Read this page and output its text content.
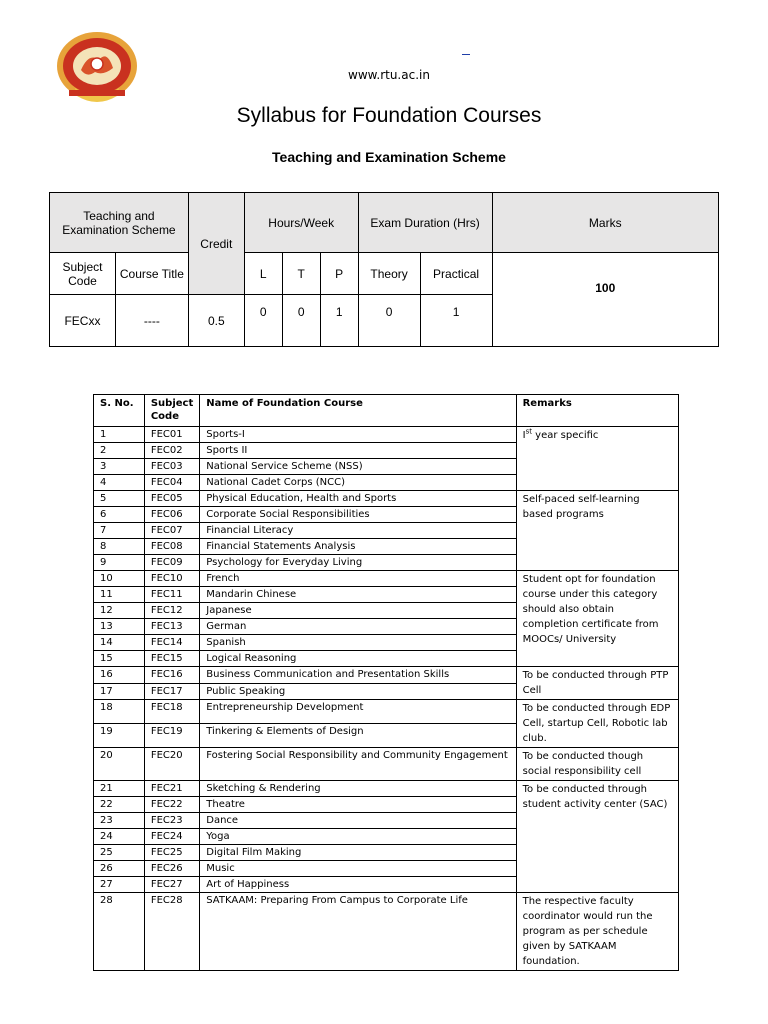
www.rtu.ac.in
Syllabus for Foundation Courses
Teaching and Examination Scheme
Teaching and Examination Scheme		Credit	Hours/Week			Exam Duration (Hrs)		Marks
Subject Code	Course Title		L	T	P	Theory	Practical	100
FECxx	----	0.5	0	0	1	0	1	
S. No.	Subject Code	Name of Foundation Course	Remarks
1	FEC01	Sports-I	Ist year specific
2	FEC02	Sports II	
3	FEC03	National Service Scheme (NSS)	
4	FEC04	National Cadet Corps (NCC)	
5	FEC05	Physical Education, Health and Sports	Self-paced self-learning based programs
6	FEC06	Corporate Social Responsibilities	
7	FEC07	Financial Literacy	
8	FEC08	Financial Statements Analysis	
9	FEC09	Psychology for Everyday Living	
10	FEC10	French	Student opt for foundation course under this category should also obtain completion certificate from MOOCs/ University
11	FEC11	Mandarin Chinese	
12	FEC12	Japanese	
13	FEC13	German	
14	FEC14	Spanish	
15	FEC15	Logical Reasoning	
16	FEC16	Business Communication and Presentation Skills	To be conducted through PTP Cell
17	FEC17	Public Speaking	
18	FEC18	Entrepreneurship Development	To be conducted through EDP Cell, startup Cell, Robotic lab club.
19	FEC19	Tinkering & Elements of Design	
20	FEC20	Fostering Social Responsibility and Community Engagement	To be conducted though social responsibility cell
21	FEC21	Sketching & Rendering	To be conducted through student activity center (SAC)
22	FEC22	Theatre	
23	FEC23	Dance	
24	FEC24	Yoga	
25	FEC25	Digital Film Making	
26	FEC26	Music	
27	FEC27	Art of Happiness	
28	FEC28	SATKAAM: Preparing From Campus to Corporate Life	The respective faculty coordinator would run the program as per schedule given by SATKAAM foundation.
